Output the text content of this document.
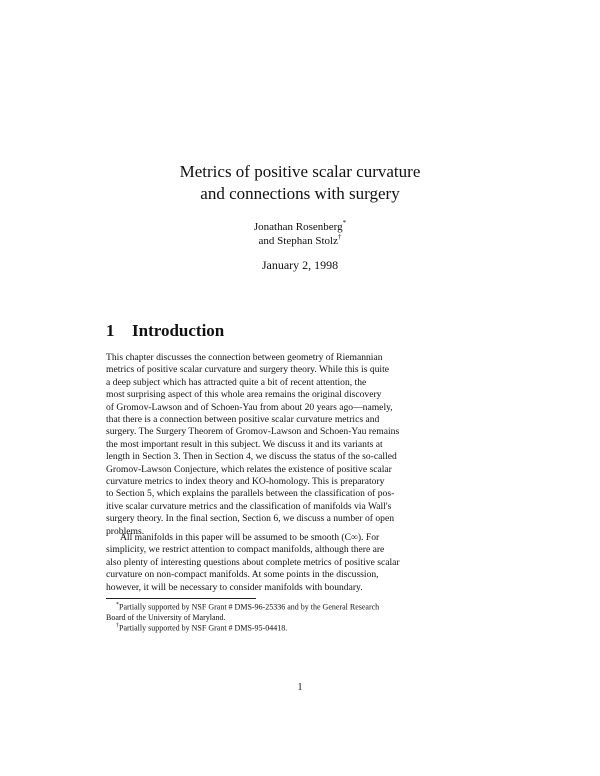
Metrics of positive scalar curvature
and connections with surgery
Jonathan Rosenberg*
and Stephan Stolz†
January 2, 1998
1 Introduction
This chapter discusses the connection between geometry of Riemannian
metrics of positive scalar curvature and surgery theory. While this is quite
a deep subject which has attracted quite a bit of recent attention, the
most surprising aspect of this whole area remains the original discovery
of Gromov-Lawson and of Schoen-Yau from about 20 years ago—namely,
that there is a connection between positive scalar curvature metrics and
surgery. The Surgery Theorem of Gromov-Lawson and Schoen-Yau remains
the most important result in this subject. We discuss it and its variants at
length in Section 3. Then in Section 4, we discuss the status of the so-called
Gromov-Lawson Conjecture, which relates the existence of positive scalar
curvature metrics to index theory and KO-homology. This is preparatory
to Section 5, which explains the parallels between the classification of pos-
itive scalar curvature metrics and the classification of manifolds via Wall's
surgery theory. In the final section, Section 6, we discuss a number of open
problems.
All manifolds in this paper will be assumed to be smooth (C∞). For
simplicity, we restrict attention to compact manifolds, although there are
also plenty of interesting questions about complete metrics of positive scalar
curvature on non-compact manifolds. At some points in the discussion,
however, it will be necessary to consider manifolds with boundary.
*Partially supported by NSF Grant # DMS-96-25336 and by the General Research
Board of the University of Maryland.
†Partially supported by NSF Grant # DMS-95-04418.
1
